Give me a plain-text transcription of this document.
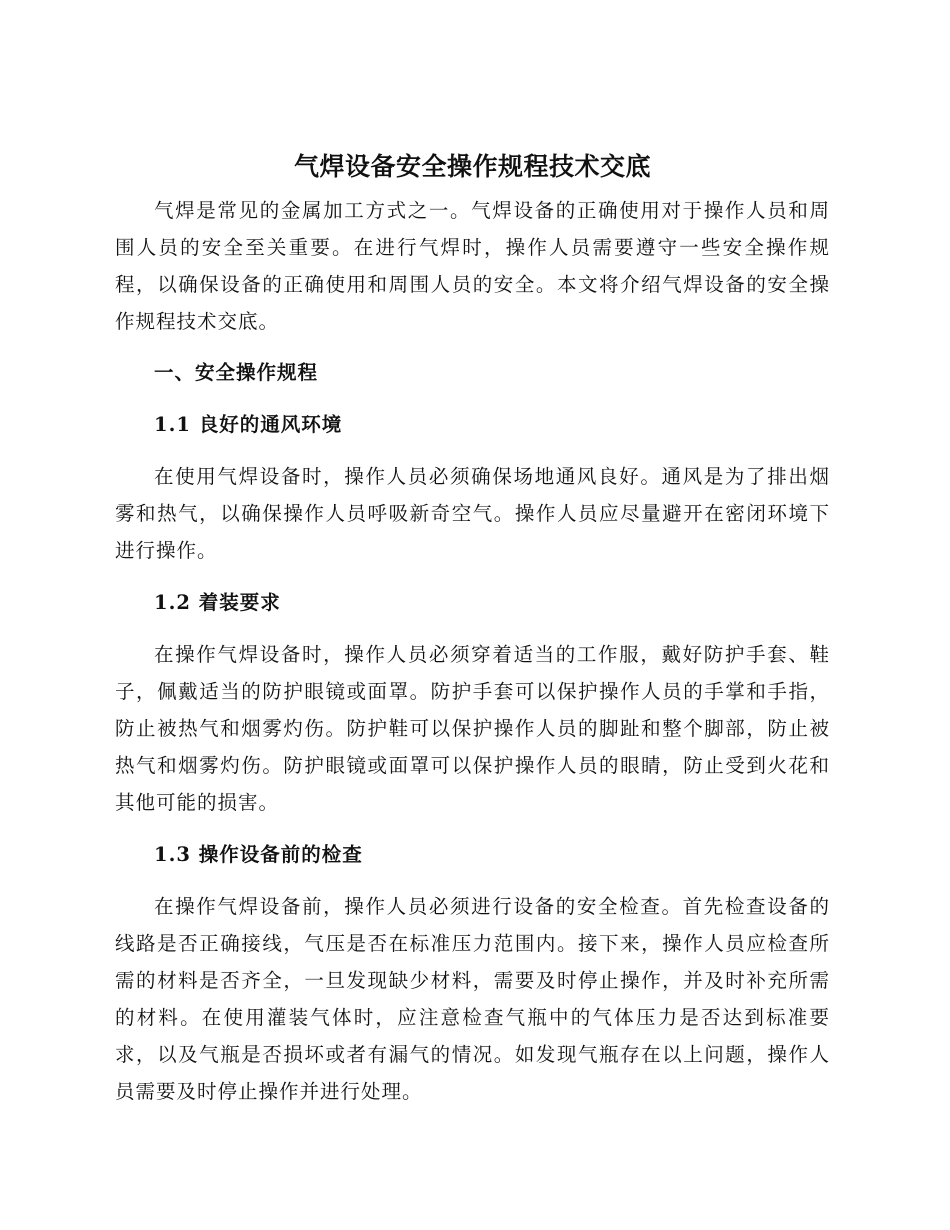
气焊设备安全操作规程技术交底

气焊是常见的金属加工方式之一。气焊设备的正确使用对于操作人员和周围人员的安全至关重要。在进行气焊时，操作人员需要遵守一些安全操作规程，以确保设备的正确使用和周围人员的安全。本文将介绍气焊设备的安全操作规程技术交底。

一、安全操作规程

1.1 良好的通风环境

在使用气焊设备时，操作人员必须确保场地通风良好。通风是为了排出烟雾和热气，以确保操作人员呼吸新奇空气。操作人员应尽量避开在密闭环境下进行操作。

1.2 着装要求

在操作气焊设备时，操作人员必须穿着适当的工作服，戴好防护手套、鞋子，佩戴适当的防护眼镜或面罩。防护手套可以保护操作人员的手掌和手指，防止被热气和烟雾灼伤。防护鞋可以保护操作人员的脚趾和整个脚部，防止被热气和烟雾灼伤。防护眼镜或面罩可以保护操作人员的眼睛，防止受到火花和其他可能的损害。

1.3 操作设备前的检查

在操作气焊设备前，操作人员必须进行设备的安全检查。首先检查设备的线路是否正确接线，气压是否在标准压力范围内。接下来，操作人员应检查所需的材料是否齐全，一旦发现缺少材料，需要及时停止操作，并及时补充所需的材料。在使用灌装气体时，应注意检查气瓶中的气体压力是否达到标准要求，以及气瓶是否损坏或者有漏气的情况。如发现气瓶存在以上问题，操作人员需要及时停止操作并进行处理。
